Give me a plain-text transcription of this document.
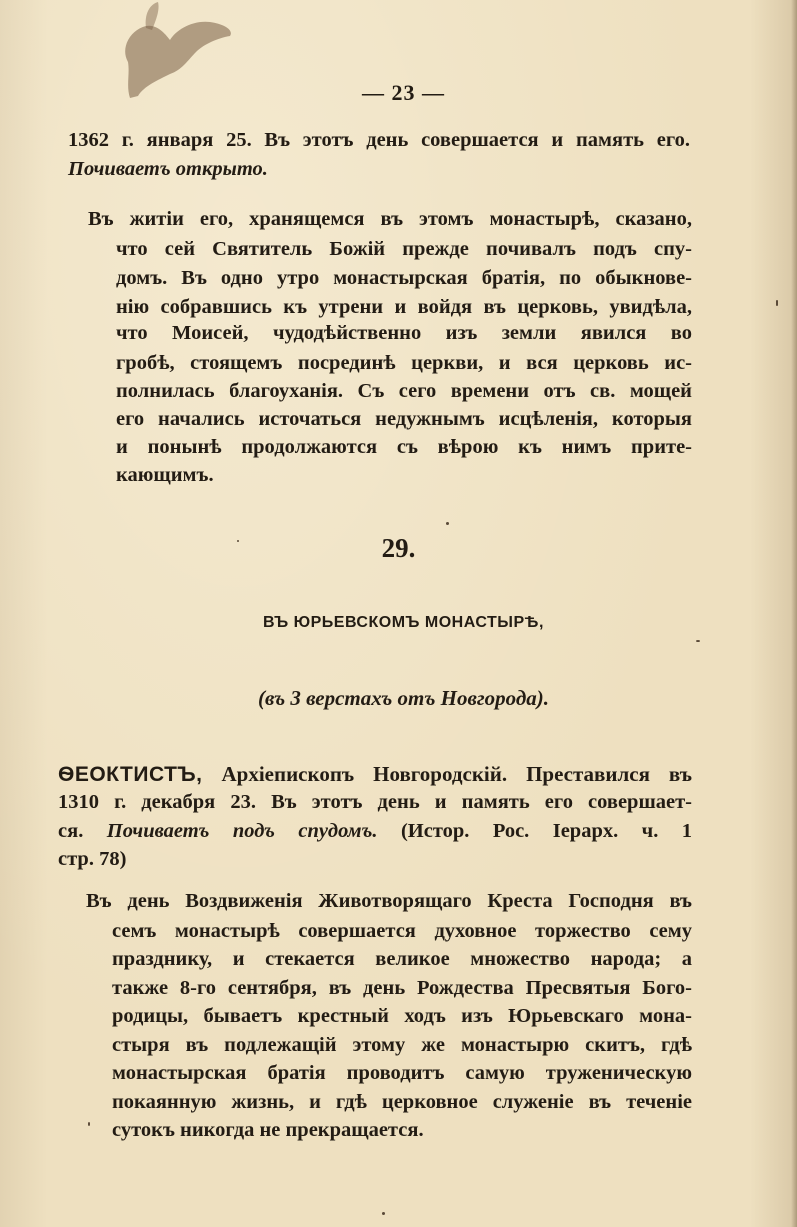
— 23 —
1362 г. января 25. Въ этотъ день совершается и память его.
Почиваетъ открыто.
Въ житіи его, хранящемся въ этомъ монастырѣ, сказано,
что сей Святитель Божій прежде почивалъ подъ спу-
домъ. Въ одно утро монастырская братія, по обыкнове-
нію собравшись къ утрени и войдя въ церковь, увидѣла,
что Моисей, чудодѣйственно изъ земли явился во
гробѣ, стоящемъ посрединѣ церкви, и вся церковь ис-
полнилась благоуханія. Съ сего времени отъ св. мощей
его начались источаться недужнымъ исцѣленія, которыя
и понынѣ продолжаются съ вѣрою къ нимъ прите-
кающимъ.
29.
ВЪ ЮРЬЕВСКОМЪ МОНАСТЫРѢ,
(въ 3 верстахъ отъ Новгорода).
ѲЕОКТИСТЪ, Архіепископъ Новгородскій. Преставился въ
1310 г. декабря 23. Въ этотъ день и память его совершает-
ся. Почиваетъ подъ спудомъ. (Истор. Рос. Іерарх. ч. 1
стр. 78)
Въ день Воздвиженія Животворящаго Креста Господня въ
семъ монастырѣ совершается духовное торжество сему
празднику, и стекается великое множество народа; а
также 8-го сентября, въ день Рождества Пресвятыя Бого-
родицы, бываетъ крестный ходъ изъ Юрьевскаго мона-
стыря въ подлежащій этому же монастырю скитъ, гдѣ
монастырская братія проводитъ самую труженическую
покаянную жизнь, и гдѣ церковное служеніе въ теченіе
сутокъ никогда не прекращается.
